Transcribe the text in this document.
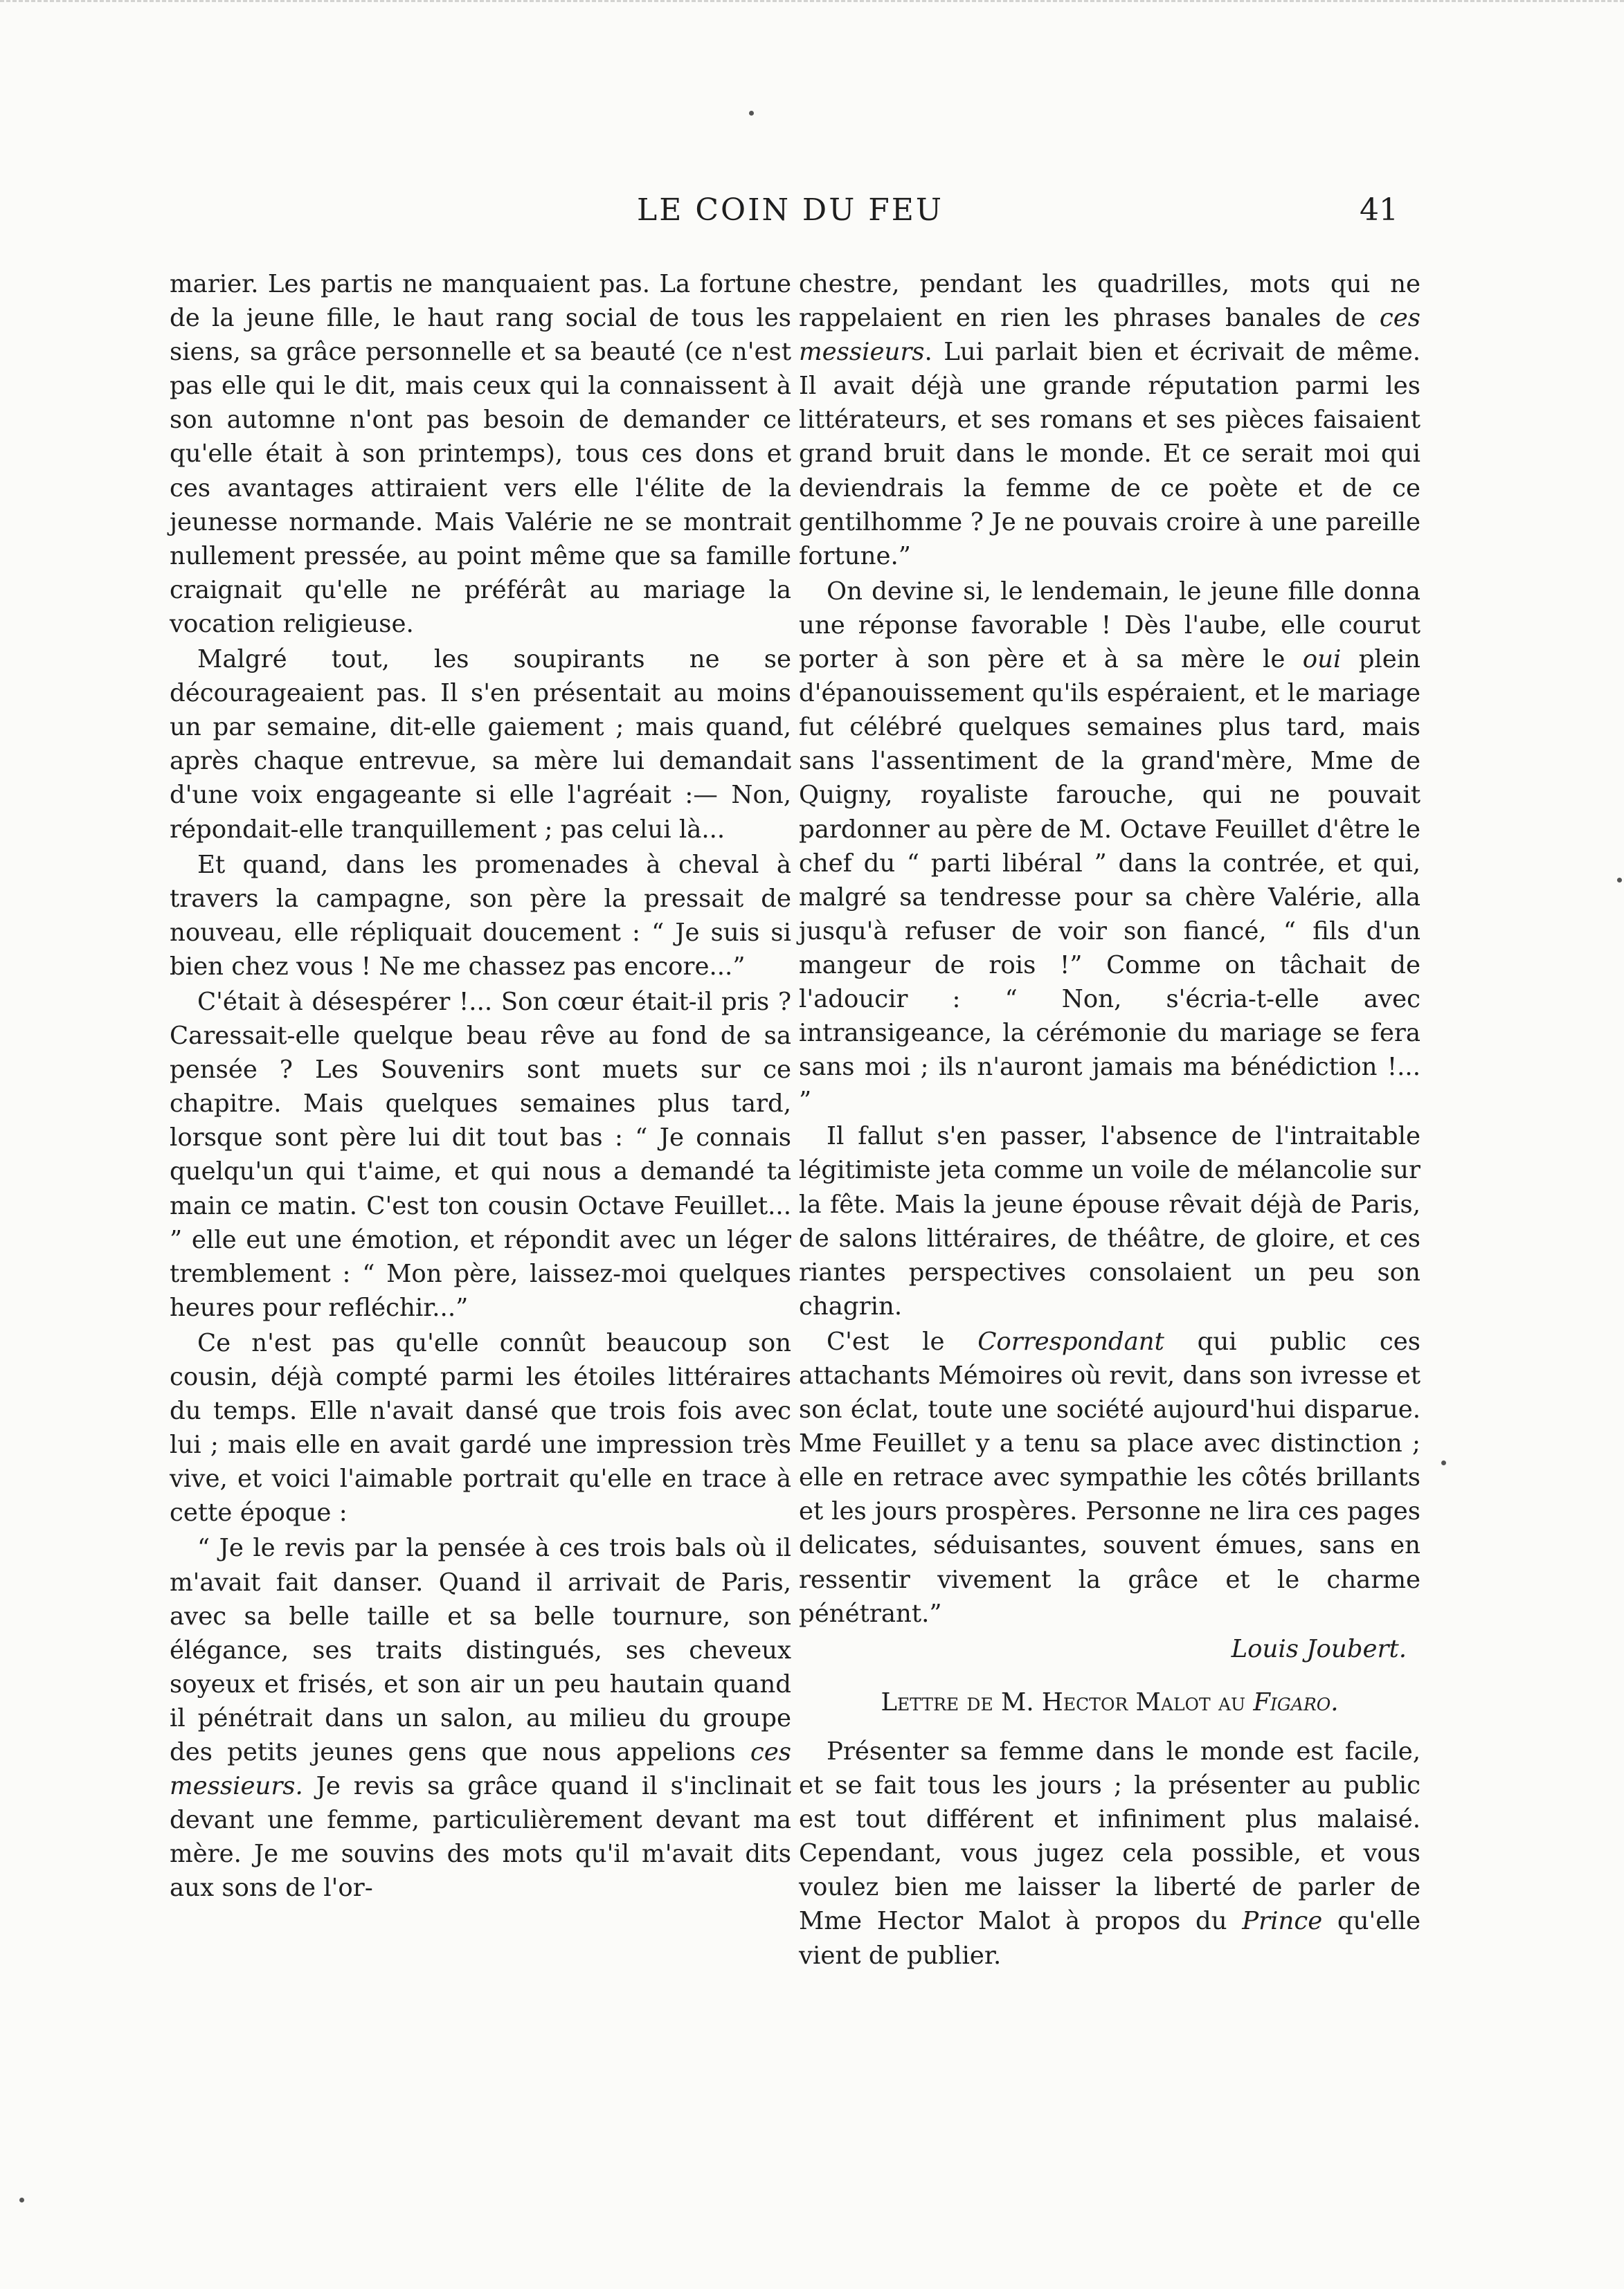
LE COIN DU FEU	41

marier. Les partis ne manquaient pas. La fortune de la jeune fille, le haut rang social de tous les siens, sa grâce personnelle et sa beauté (ce n'est pas elle qui le dit, mais ceux qui la connaissent à son automne n'ont pas besoin de demander ce qu'elle était à son printemps), tous ces dons et ces avantages attiraient vers elle l'élite de la jeunesse normande. Mais Valérie ne se montrait nullement pressée, au point même que sa famille craignait qu'elle ne préférât au mariage la vocation religieuse.

Malgré tout, les soupirants ne se décourageaient pas. Il s'en présentait au moins un par semaine, dit-elle gaiement ; mais quand, après chaque entrevue, sa mère lui demandait d'une voix engageante si elle l'agréait :— Non, répondait-elle tranquillement ; pas celui là...

Et quand, dans les promenades à cheval à travers la campagne, son père la pressait de nouveau, elle répliquait doucement : “ Je suis si bien chez vous ! Ne me chassez pas encore...”

C'était à désespérer !... Son cœur était-il pris ? Caressait-elle quelque beau rêve au fond de sa pensée ? Les Souvenirs sont muets sur ce chapitre. Mais quelques semaines plus tard, lorsque sont père lui dit tout bas : “ Je connais quelqu'un qui t'aime, et qui nous a demandé ta main ce matin. C'est ton cousin Octave Feuillet... ” elle eut une émotion, et répondit avec un léger tremblement : “ Mon père, laissez-moi quelques heures pour refléchir...”

Ce n'est pas qu'elle connût beaucoup son cousin, déjà compté parmi les étoiles littéraires du temps. Elle n'avait dansé que trois fois avec lui ; mais elle en avait gardé une impression très vive, et voici l'aimable portrait qu'elle en trace à cette époque :

“ Je le revis par la pensée à ces trois bals où il m'avait fait danser. Quand il arrivait de Paris, avec sa belle taille et sa belle tournure, son élégance, ses traits distingués, ses cheveux soyeux et frisés, et son air un peu hautain quand il pénétrait dans un salon, au milieu du groupe des petits jeunes gens que nous appelions ces messieurs. Je revis sa grâce quand il s'inclinait devant une femme, particulièrement devant ma mère. Je me souvins des mots qu'il m'avait dits aux sons de l'or-

chestre, pendant les quadrilles, mots qui ne rappelaient en rien les phrases banales de ces messieurs. Lui parlait bien et écrivait de même. Il avait déjà une grande réputation parmi les littérateurs, et ses romans et ses pièces faisaient grand bruit dans le monde. Et ce serait moi qui deviendrais la femme de ce poète et de ce gentilhomme ? Je ne pouvais croire à une pareille fortune.”

On devine si, le lendemain, le jeune fille donna une réponse favorable ! Dès l'aube, elle courut porter à son père et à sa mère le oui plein d'épanouissement qu'ils espéraient, et le mariage fut célébré quelques semaines plus tard, mais sans l'assentiment de la grand'mère, Mme de Quigny, royaliste farouche, qui ne pouvait pardonner au père de M. Octave Feuillet d'être le chef du “ parti libéral ” dans la contrée, et qui, malgré sa tendresse pour sa chère Valérie, alla jusqu'à refuser de voir son fiancé, “ fils d'un mangeur de rois !” Comme on tâchait de l'adoucir : “ Non, s'écria-t-elle avec intransigeance, la cérémonie du mariage se fera sans moi ; ils n'auront jamais ma bénédiction !... ”

Il fallut s'en passer, l'absence de l'intraitable légitimiste jeta comme un voile de mélancolie sur la fête. Mais la jeune épouse rêvait déjà de Paris, de salons littéraires, de théâtre, de gloire, et ces riantes perspectives consolaient un peu son chagrin.

C'est le Correspondant qui public ces attachants Mémoires où revit, dans son ivresse et son éclat, toute une société aujourd'hui disparue. Mme Feuillet y a tenu sa place avec distinction ; elle en retrace avec sympathie les côtés brillants et les jours prospères. Personne ne lira ces pages delicates, séduisantes, souvent émues, sans en ressentir vivement la grâce et le charme pénétrant.”

Louis Joubert.

Lettre de M. Hector Malot au Figaro.

Présenter sa femme dans le monde est facile, et se fait tous les jours ; la présenter au public est tout différent et infiniment plus malaisé. Cependant, vous jugez cela possible, et vous voulez bien me laisser la liberté de parler de Mme Hector Malot à propos du Prince qu'elle vient de publier.
